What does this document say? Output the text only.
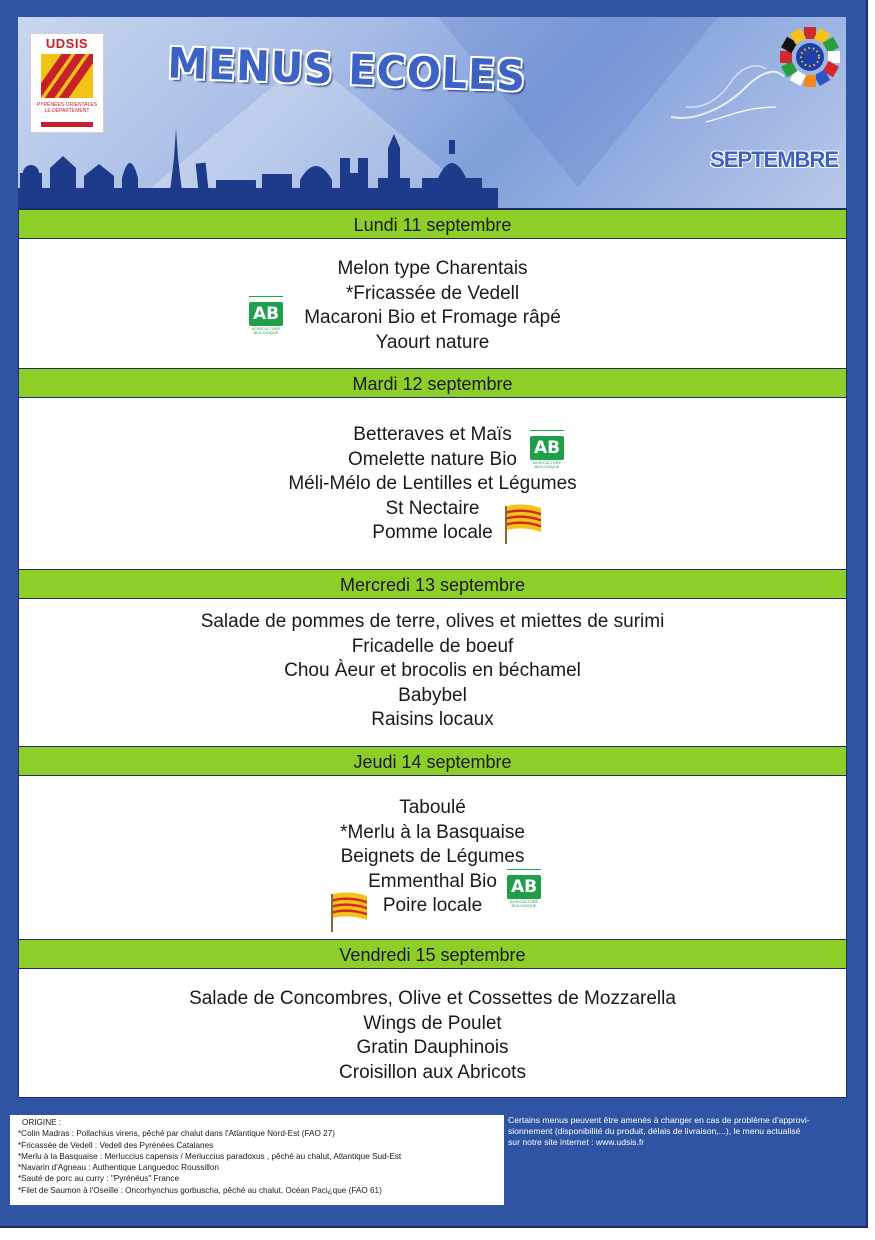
UDSIS
PYRÉNÉES-ORIENTALES
LE DÉPARTEMENT
MENUS ECOLES
SEPTEMBRE
Lundi 11 septembre
Melon type Charentais
*Fricassée de Vedell
Macaroni Bio et Fromage râpé
Yaourt nature
AB
AGRICULTURE BIOLOGIQUE
Mardi 12 septembre
Betteraves et Maïs
Omelette nature Bio
Méli-Mélo de Lentilles et Légumes
St Nectaire
Pomme locale
AB
AGRICULTURE BIOLOGIQUE
Mercredi 13 septembre
Salade de pommes de terre, olives et miettes de surimi
Fricadelle de boeuf
Chou Àeur et brocolis en béchamel
Babybel
Raisins locaux
Jeudi 14 septembre
Taboulé
*Merlu à la Basquaise
Beignets de Légumes
Emmenthal Bio
Poire locale
AB
AGRICULTURE BIOLOGIQUE
Vendredi 15 septembre
Salade de Concombres, Olive et Cossettes de Mozzarella
Wings de Poulet
Gratin Dauphinois
Croisillon aux Abricots
ORIGINE :
*Colin Madras : Pollachius virens, pêché par chalut dans l'Atlantique Nord-Est (FAO 27)
*Fricassée de Vedell : Vedell des Pyrénées Catalanes
*Merlu à la Basquaise : Merluccius capensis / Merluccius paradoxus , pêché au chalut, Atlantique Sud-Est
*Navarin d'Agneau : Authentique Languedoc Roussillon
*Sauté de porc au curry : "Pyrénéus" France
*Filet de Saumon à l'Oseille : Oncorhynchus gorbuscha, pêché au chalut, Océan Paci¿que (FAO 61)
Certains menus peuvent être amenés à changer en cas de problème d'approvi-
sionnement (disponibilité du produit, délais de livraison,...), le menu actualisé
sur notre site internet : www.udsis.fr
